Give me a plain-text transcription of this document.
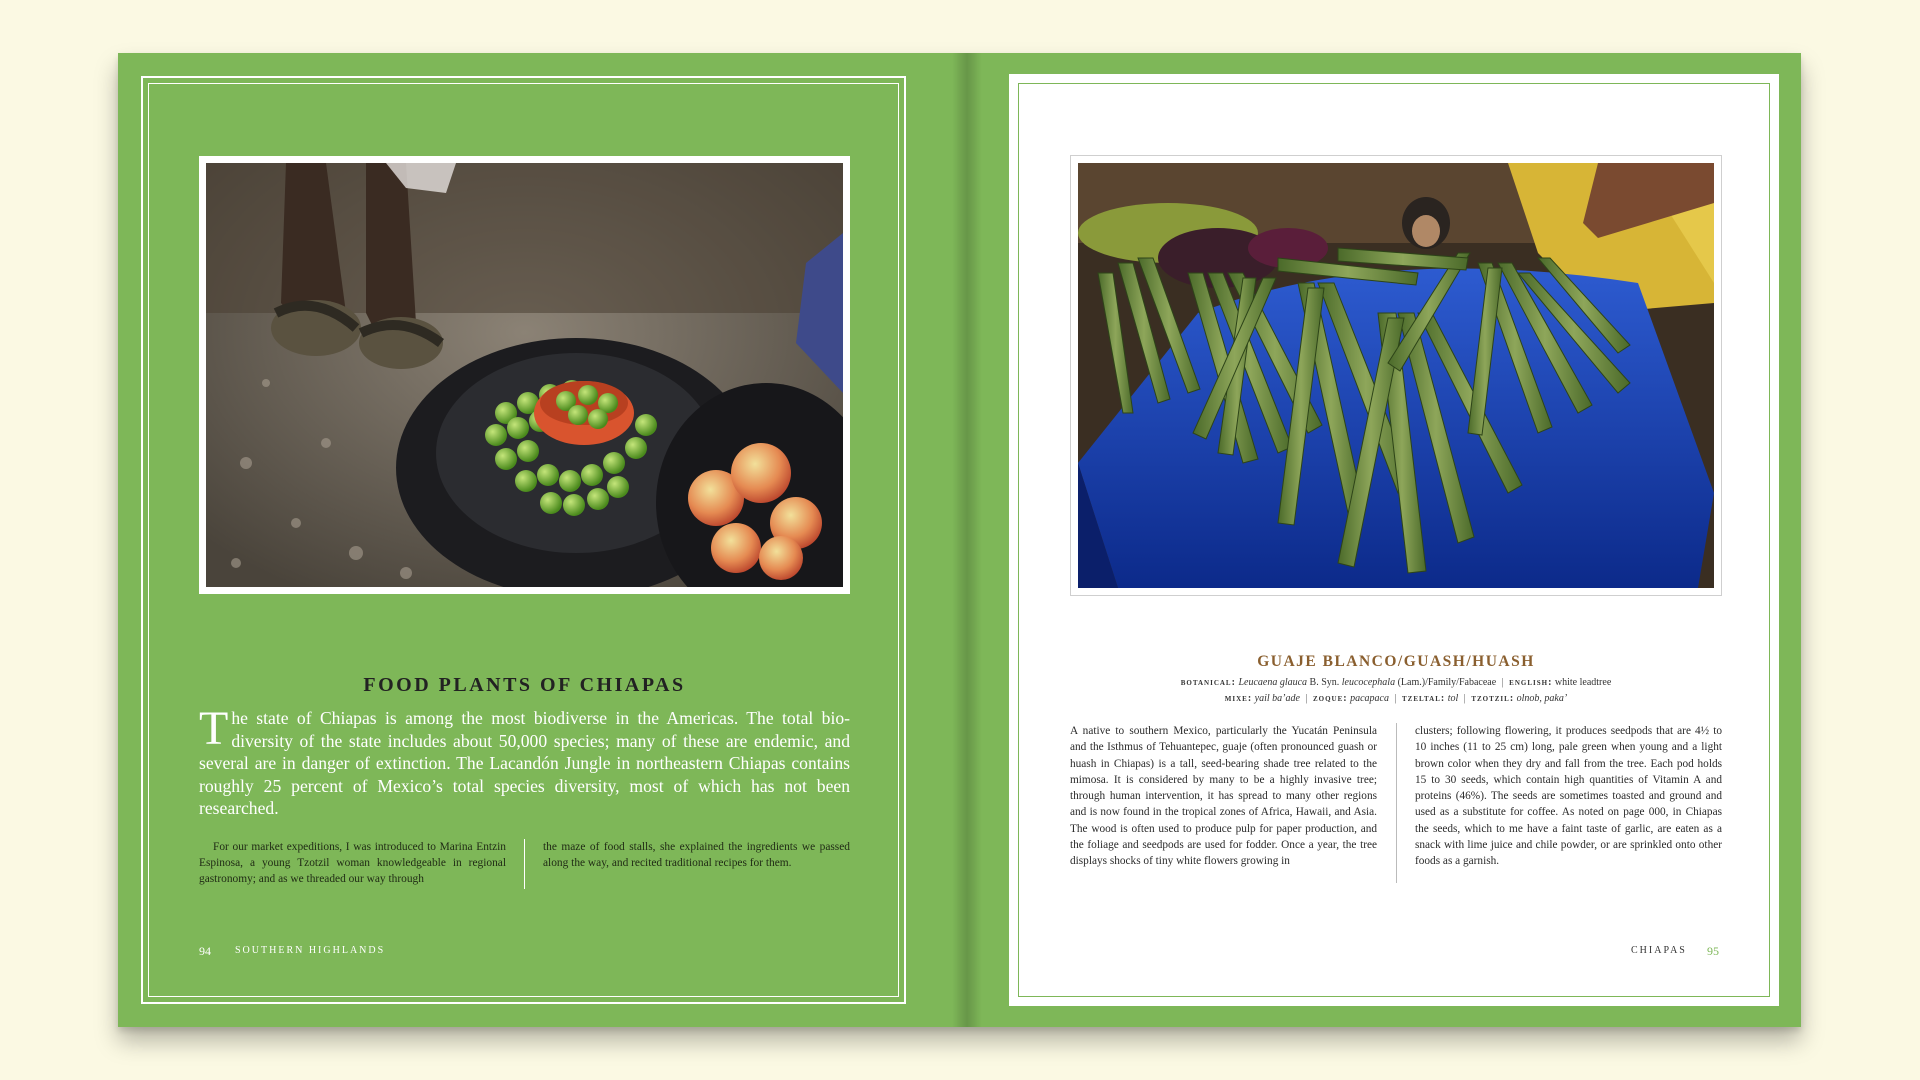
FOOD PLANTS OF CHIAPAS

The state of Chiapas is among the most biodiverse in the Americas. The total bio-diversity of the state includes about 50,000 species; many of these are endemic, and several are in danger of extinction. The Lacandón Jungle in northeastern Chiapas contains roughly 25 percent of Mexico’s total species diversity, most of which has not been researched.

For our market expeditions, I was introduced to Marina Entzin Espinosa, a young Tzotzil woman knowledgeable in regional gastronomy; and as we threaded our way through

the maze of food stalls, she explained the ingredients we passed along the way, and recited traditional recipes for them.

94 SOUTHERN HIGHLANDS
GUAJE BLANCO/GUASH/HUASH

botanical: Leucaena glauca B. Syn. leucocephala (Lam.)/Family/Fabaceae | english: white leadtree

mixe: yail ba’ade | zoque: pacapaca | tzeltal: tol | tzotzil: olnob, paka’

A native to southern Mexico, particularly the Yucatán Peninsula and the Isthmus of Tehuantepec, guaje (often pronounced guash or huash in Chiapas) is a tall, seed-bearing shade tree related to the mimosa. It is considered by many to be a highly invasive tree; through human intervention, it has spread to many other regions and is now found in the tropical zones of Africa, Hawaii, and Asia. The wood is often used to produce pulp for paper production, and the foliage and seedpods are used for fodder. Once a year, the tree displays shocks of tiny white flowers growing in

clusters; following flowering, it produces seedpods that are 4½ to 10 inches (11 to 25 cm) long, pale green when young and a light brown color when they dry and fall from the tree. Each pod holds 15 to 30 seeds, which contain high quantities of Vitamin A and proteins (46%). The seeds are sometimes toasted and ground and used as a substitute for coffee. As noted on page 000, in Chiapas the seeds, which to me have a faint taste of garlic, are eaten as a snack with lime juice and chile powder, or are sprinkled onto other foods as a garnish.

CHIAPAS 95
